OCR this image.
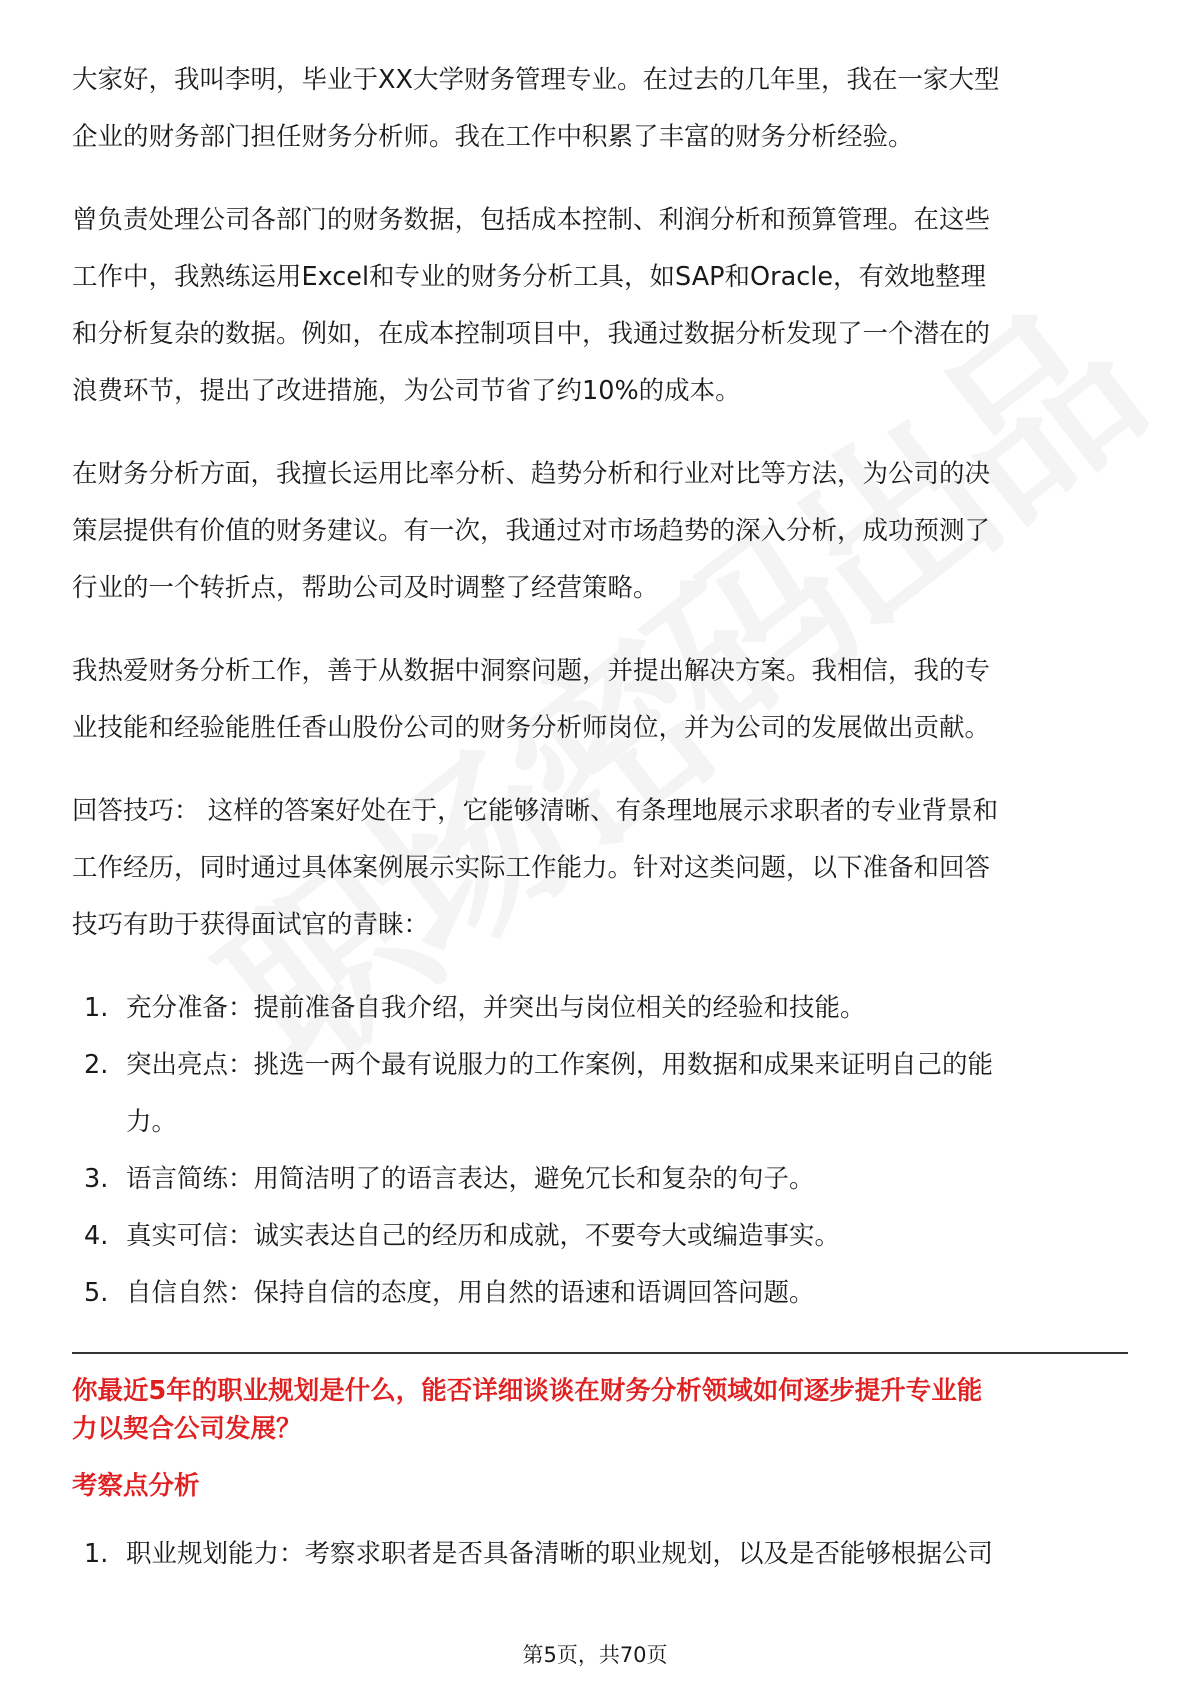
大家好，我叫李明，毕业于XX大学财务管理专业。在过去的几年里，我在一家大型
企业的财务部门担任财务分析师。我在工作中积累了丰富的财务分析经验。
曾负责处理公司各部门的财务数据，包括成本控制、利润分析和预算管理。在这些
工作中，我熟练运用Excel和专业的财务分析工具，如SAP和Oracle，有效地整理
和分析复杂的数据。例如，在成本控制项目中，我通过数据分析发现了一个潜在的
浪费环节，提出了改进措施，为公司节省了约10%的成本。
在财务分析方面，我擅长运用比率分析、趋势分析和行业对比等方法，为公司的决
策层提供有价值的财务建议。有一次，我通过对市场趋势的深入分析，成功预测了
行业的一个转折点，帮助公司及时调整了经营策略。
我热爱财务分析工作，善于从数据中洞察问题，并提出解决方案。我相信，我的专
业技能和经验能胜任香山股份公司的财务分析师岗位，并为公司的发展做出贡献。
回答技巧： 这样的答案好处在于，它能够清晰、有条理地展示求职者的专业背景和
工作经历，同时通过具体案例展示实际工作能力。针对这类问题，以下准备和回答
技巧有助于获得面试官的青睐：
1. 充分准备：提前准备自我介绍，并突出与岗位相关的经验和技能。
2. 突出亮点：挑选一两个最有说服力的工作案例，用数据和成果来证明自己的能
力。
3. 语言简练：用简洁明了的语言表达，避免冗长和复杂的句子。
4. 真实可信：诚实表达自己的经历和成就，不要夸大或编造事实。
5. 自信自然：保持自信的态度，用自然的语速和语调回答问题。
你最近5年的职业规划是什么，能否详细谈谈在财务分析领域如何逐步提升专业能
力以契合公司发展？
考察点分析
1. 职业规划能力：考察求职者是否具备清晰的职业规划，以及是否能够根据公司
第5页，共70页
